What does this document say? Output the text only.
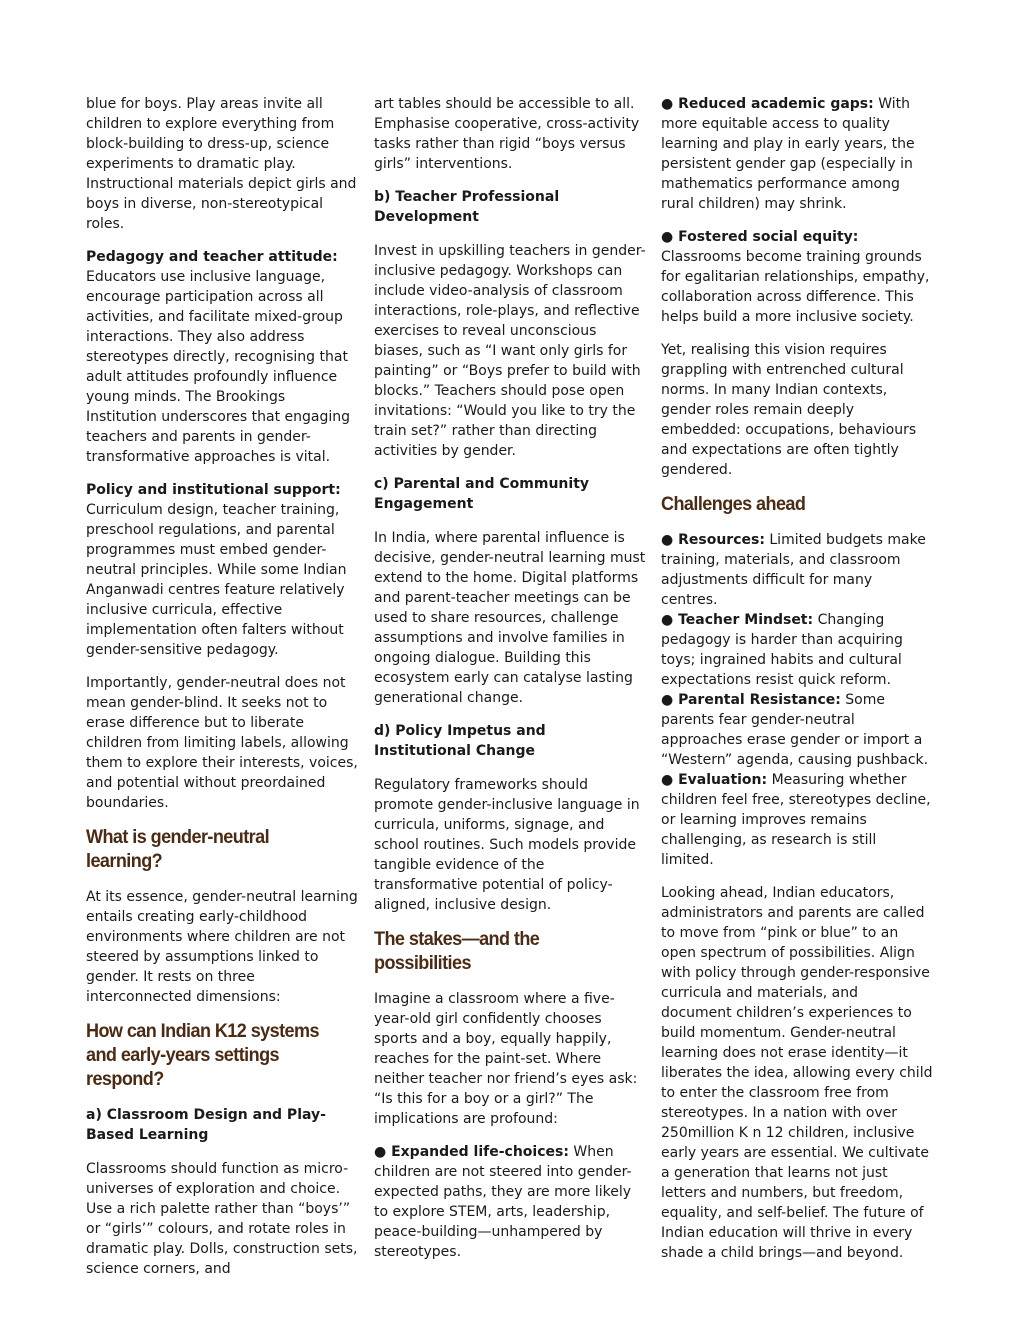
blue for boys. Play areas invite all children to explore everything from block-building to dress-up, science experiments to dramatic play. Instructional materials depict girls and boys in diverse, non-stereotypical roles.

Pedagogy and teacher attitude:
Educators use inclusive language, encourage participation across all activities, and facilitate mixed-group interactions. They also address stereotypes directly, recognising that adult attitudes profoundly influence young minds. The Brookings Institution underscores that engaging teachers and parents in gender-transformative approaches is vital.

Policy and institutional support:
Curriculum design, teacher training, preschool regulations, and parental programmes must embed gender-neutral principles. While some Indian Anganwadi centres feature relatively inclusive curricula, effective implementation often falters without gender-sensitive pedagogy.

Importantly, gender-neutral does not mean gender-blind. It seeks not to erase difference but to liberate children from limiting labels, allowing them to explore their interests, voices, and potential without preordained boundaries.

What is gender-neutral learning?

At its essence, gender-neutral learning entails creating early-childhood environments where children are not steered by assumptions linked to gender. It rests on three interconnected dimensions:

How can Indian K12 systems and early-years settings respond?

a) Classroom Design and Play-Based Learning

Classrooms should function as micro-universes of exploration and choice. Use a rich palette rather than “boys’” or “girls’” colours, and rotate roles in dramatic play. Dolls, construction sets, science corners, and

art tables should be accessible to all. Emphasise cooperative, cross-activity tasks rather than rigid “boys versus girls” interventions.

b) Teacher Professional Development

Invest in upskilling teachers in gender-inclusive pedagogy. Workshops can include video-analysis of classroom interactions, role-plays, and reflective exercises to reveal unconscious biases, such as “I want only girls for painting” or “Boys prefer to build with blocks.” Teachers should pose open invitations: “Would you like to try the train set?” rather than directing activities by gender.

c) Parental and Community Engagement

In India, where parental influence is decisive, gender-neutral learning must extend to the home. Digital platforms and parent-teacher meetings can be used to share resources, challenge assumptions and involve families in ongoing dialogue. Building this ecosystem early can catalyse lasting generational change.

d) Policy Impetus and Institutional Change

Regulatory frameworks should promote gender-inclusive language in curricula, uniforms, signage, and school routines. Such models provide tangible evidence of the transformative potential of policy-aligned, inclusive design.

The stakes—and the possibilities

Imagine a classroom where a five-year-old girl confidently chooses sports and a boy, equally happily, reaches for the paint-set. Where neither teacher nor friend’s eyes ask: “Is this for a boy or a girl?” The implications are profound:

● Expanded life-choices: When children are not steered into gender-expected paths, they are more likely to explore STEM, arts, leadership, peace-building—unhampered by stereotypes.

● Reduced academic gaps: With more equitable access to quality learning and play in early years, the persistent gender gap (especially in mathematics performance among rural children) may shrink.

● Fostered social equity: Classrooms become training grounds for egalitarian relationships, empathy, collaboration across difference. This helps build a more inclusive society.

Yet, realising this vision requires grappling with entrenched cultural norms. In many Indian contexts, gender roles remain deeply embedded: occupations, behaviours and expectations are often tightly gendered.

Challenges ahead

● Resources: Limited budgets make training, materials, and classroom adjustments difficult for many centres.
● Teacher Mindset: Changing pedagogy is harder than acquiring toys; ingrained habits and cultural expectations resist quick reform.
● Parental Resistance: Some parents fear gender-neutral approaches erase gender or import a “Western” agenda, causing pushback.
● Evaluation: Measuring whether children feel free, stereotypes decline, or learning improves remains challenging, as research is still limited.

Looking ahead, Indian educators, administrators and parents are called to move from “pink or blue” to an open spectrum of possibilities. Align with policy through gender-responsive curricula and materials, and document children’s experiences to build momentum. Gender-neutral learning does not erase identity—it liberates the idea, allowing every child to enter the classroom free from stereotypes. In a nation with over 250million K n 12 children, inclusive early years are essential. We cultivate a generation that learns not just letters and numbers, but freedom, equality, and self-belief. The future of Indian education will thrive in every shade a child brings—and beyond.
